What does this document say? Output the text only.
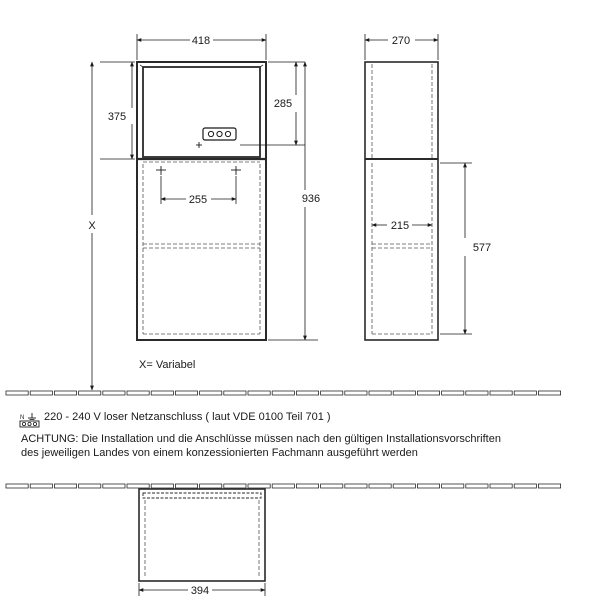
418	270
375
285
936
255
215
577
X
X= Variabel
394
N 220 - 240 V loser Netzanschluss ( laut VDE 0100 Teil 701 )
ACHTUNG: Die Installation und die Anschlüsse müssen nach den gültigen Installationsvorschriften
des jeweiligen Landes von einem konzessionierten Fachmann ausgeführt werden
